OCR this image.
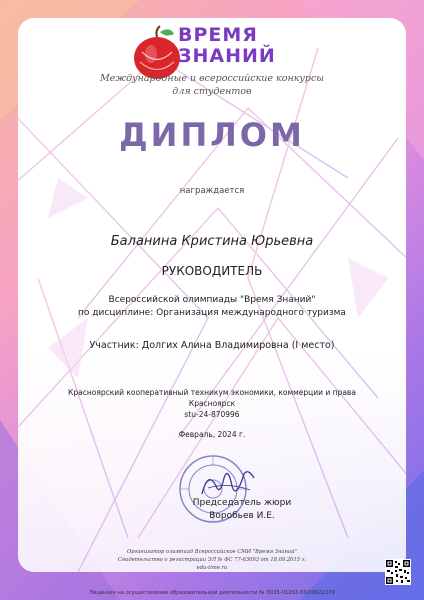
ВРЕМЯ
ЗНАНИЙ
Международные и всероссийские конкурсы
для студентов
ДИПЛОМ
награждается
Баланина Кристина Юрьевна
РУКОВОДИТЕЛЬ
Всероссийской олимпиады "Время Знаний"
по дисциплине: Организация международного туризма
Участник: Долгих Алина Владимировна (I место)
Красноярский кооперативный техникум экономики, коммерции и права
Красноярск
stu-24-870996
Февраль, 2024 г.
Председатель жюри
Воробьев И.Е.
Организатор олимпиад Всероссийское СМИ "Время Знаний"
Свидетельство о регистрации ЭЛ № ФС 77-63093 от 18.09.2015 г.
edu-time.ru
Лицензия на осуществление образовательной деятельности № Л035-01263-63/00622379
